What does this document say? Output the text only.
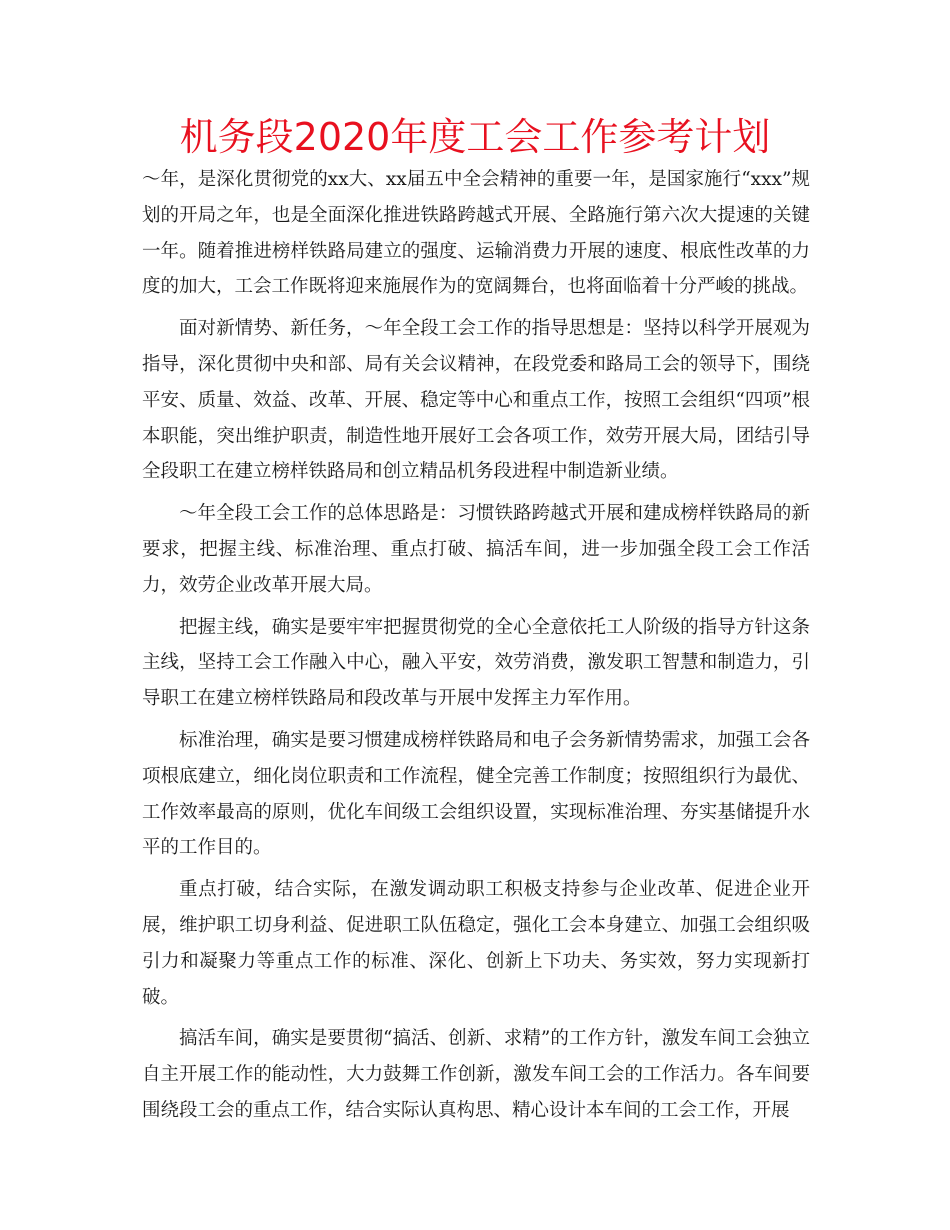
机务段2020年度工会工作参考计划

～年，是深化贯彻党的xx大、xx届五中全会精神的重要一年，是国家施行“xxx”规划的开局之年，也是全面深化推进铁路跨越式开展、全路施行第六次大提速的关键一年。随着推进榜样铁路局建立的强度、运输消费力开展的速度、根底性改革的力度的加大，工会工作既将迎来施展作为的宽阔舞台，也将面临着十分严峻的挑战。

面对新情势、新任务，～年全段工会工作的指导思想是：坚持以科学开展观为指导，深化贯彻中央和部、局有关会议精神，在段党委和路局工会的领导下，围绕平安、质量、效益、改革、开展、稳定等中心和重点工作，按照工会组织“四项”根本职能，突出维护职责，制造性地开展好工会各项工作，效劳开展大局，团结引导全段职工在建立榜样铁路局和创立精品机务段进程中制造新业绩。

～年全段工会工作的总体思路是：习惯铁路跨越式开展和建成榜样铁路局的新要求，把握主线、标准治理、重点打破、搞活车间，进一步加强全段工会工作活力，效劳企业改革开展大局。

把握主线，确实是要牢牢把握贯彻党的全心全意依托工人阶级的指导方针这条主线，坚持工会工作融入中心，融入平安，效劳消费，激发职工智慧和制造力，引导职工在建立榜样铁路局和段改革与开展中发挥主力军作用。

标准治理，确实是要习惯建成榜样铁路局和电子会务新情势需求，加强工会各项根底建立，细化岗位职责和工作流程，健全完善工作制度；按照组织行为最优、工作效率最高的原则，优化车间级工会组织设置，实现标准治理、夯实基储提升水平的工作目的。

重点打破，结合实际，在激发调动职工积极支持参与企业改革、促进企业开展，维护职工切身利益、促进职工队伍稳定，强化工会本身建立、加强工会组织吸引力和凝聚力等重点工作的标准、深化、创新上下功夫、务实效，努力实现新打破。

搞活车间，确实是要贯彻“搞活、创新、求精”的工作方针，激发车间工会独立自主开展工作的能动性，大力鼓舞工作创新，激发车间工会的工作活力。各车间要围绕段工会的重点工作，结合实际认真构思、精心设计本车间的工会工作，开展
